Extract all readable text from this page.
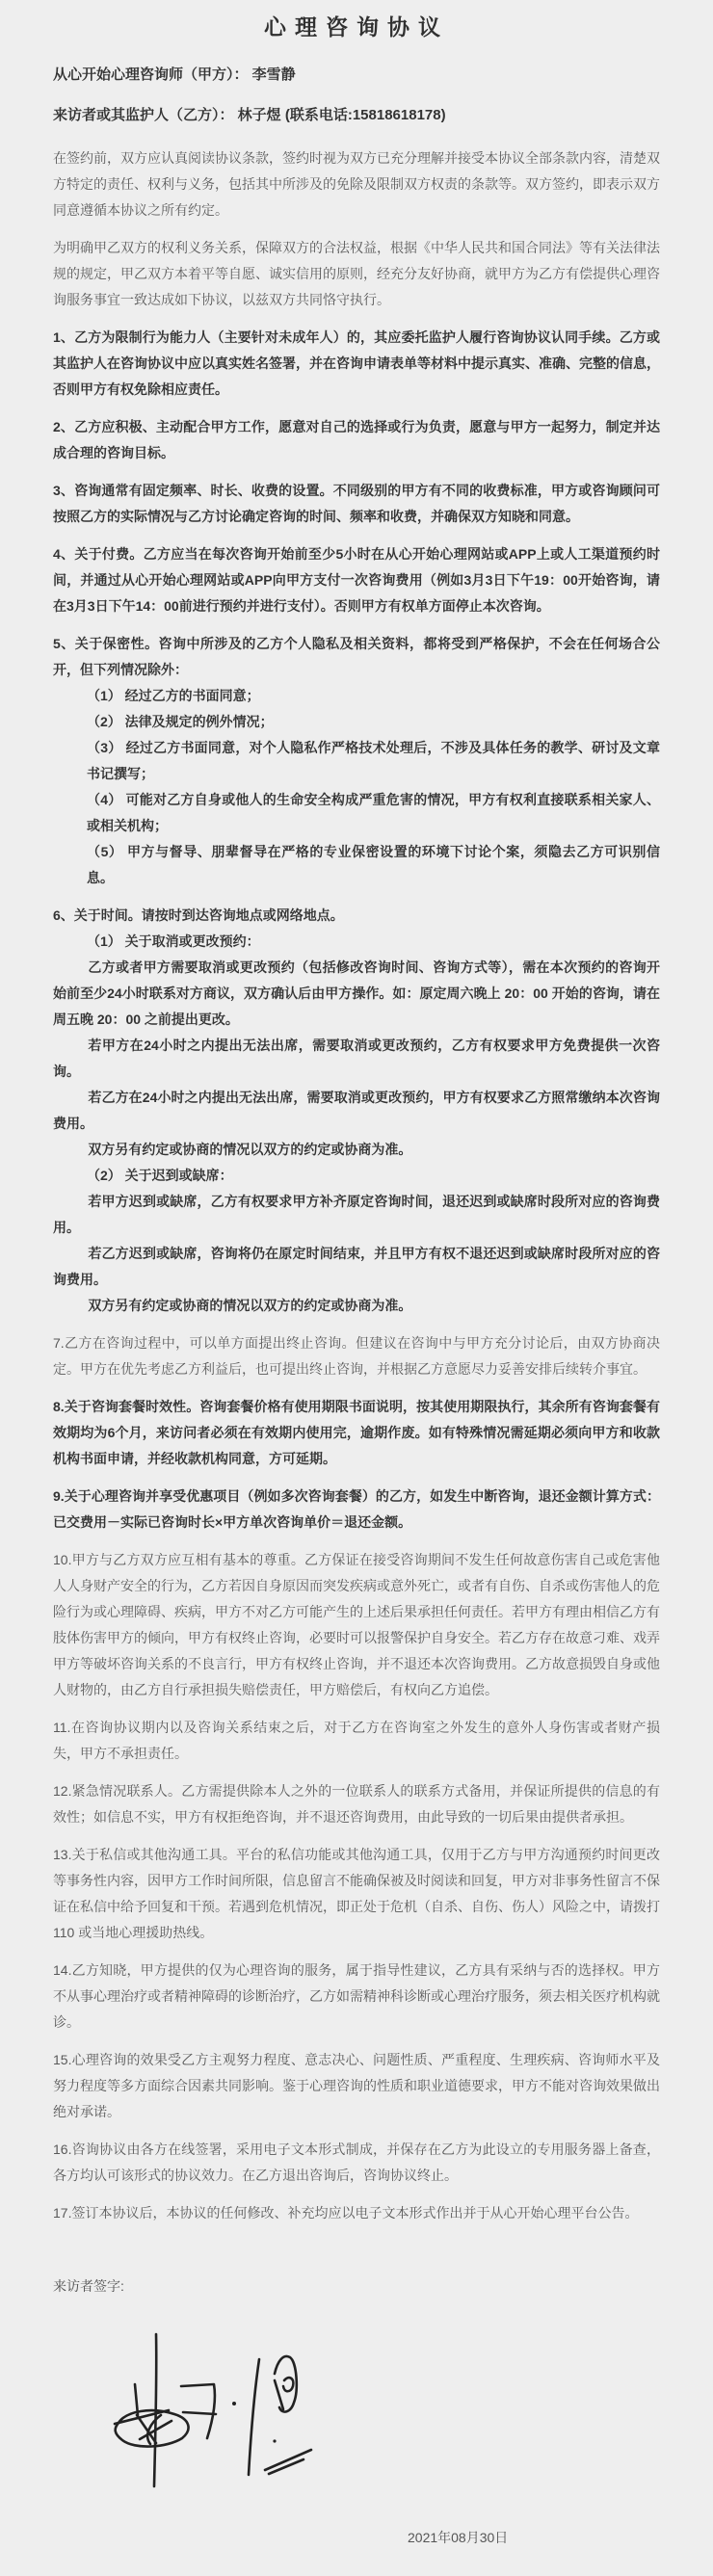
心理咨询协议

从心开始心理咨询师（甲方）： 李雪静

来访者或其监护人（乙方）： 林子煜 (联系电话:15818618178)

在签约前，双方应认真阅读协议条款，签约时视为双方已充分理解并接受本协议全部条款内容，清楚双方特定的责任、权利与义务，包括其中所涉及的免除及限制双方权责的条款等。双方签约，即表示双方同意遵循本协议之所有约定。

为明确甲乙双方的权利义务关系，保障双方的合法权益，根据《中华人民共和国合同法》等有关法律法规的规定，甲乙双方本着平等自愿、诚实信用的原则，经充分友好协商，就甲方为乙方有偿提供心理咨询服务事宜一致达成如下协议，以兹双方共同恪守执行。

1、乙方为限制行为能力人（主要针对未成年人）的，其应委托监护人履行咨询协议认同手续。乙方或其监护人在咨询协议中应以真实姓名签署，并在咨询申请表单等材料中提示真实、准确、完整的信息，否则甲方有权免除相应责任。

2、乙方应积极、主动配合甲方工作，愿意对自己的选择或行为负责，愿意与甲方一起努力，制定并达成合理的咨询目标。

3、咨询通常有固定频率、时长、收费的设置。不同级别的甲方有不同的收费标准，甲方或咨询顾问可按照乙方的实际情况与乙方讨论确定咨询的时间、频率和收费，并确保双方知晓和同意。

4、关于付费。乙方应当在每次咨询开始前至少5小时在从心开始心理网站或APP上或人工渠道预约时间，并通过从心开始心理网站或APP向甲方支付一次咨询费用（例如3月3日下午19：00开始咨询，请在3月3日下午14：00前进行预约并进行支付）。否则甲方有权单方面停止本次咨询。

5、关于保密性。咨询中所涉及的乙方个人隐私及相关资料，都将受到严格保护，不会在任何场合公开，但下列情况除外：

（1） 经过乙方的书面同意；

（2） 法律及规定的例外情况；

（3） 经过乙方书面同意，对个人隐私作严格技术处理后，不涉及具体任务的教学、研讨及文章书记撰写；

（4） 可能对乙方自身或他人的生命安全构成严重危害的情况，甲方有权利直接联系相关家人、或相关机构；

（5） 甲方与督导、朋辈督导在严格的专业保密设置的环境下讨论个案，须隐去乙方可识别信息。

6、关于时间。请按时到达咨询地点或网络地点。

（1） 关于取消或更改预约：

乙方或者甲方需要取消或更改预约（包括修改咨询时间、咨询方式等），需在本次预约的咨询开始前至少24小时联系对方商议，双方确认后由甲方操作。如：原定周六晚上 20：00 开始的咨询，请在周五晚 20：00 之前提出更改。

若甲方在24小时之内提出无法出席，需要取消或更改预约，乙方有权要求甲方免费提供一次咨询。

若乙方在24小时之内提出无法出席，需要取消或更改预约，甲方有权要求乙方照常缴纳本次咨询费用。

双方另有约定或协商的情况以双方的约定或协商为准。

（2） 关于迟到或缺席：

若甲方迟到或缺席，乙方有权要求甲方补齐原定咨询时间，退还迟到或缺席时段所对应的咨询费用。

若乙方迟到或缺席，咨询将仍在原定时间结束，并且甲方有权不退还迟到或缺席时段所对应的咨询费用。

双方另有约定或协商的情况以双方的约定或协商为准。

7.乙方在咨询过程中，可以单方面提出终止咨询。但建议在咨询中与甲方充分讨论后，由双方协商决定。甲方在优先考虑乙方利益后，也可提出终止咨询，并根据乙方意愿尽力妥善安排后续转介事宜。

8.关于咨询套餐时效性。咨询套餐价格有使用期限书面说明，按其使用期限执行，其余所有咨询套餐有效期均为6个月，来访问者必须在有效期内使用完，逾期作废。如有特殊情况需延期必须向甲方和收款机构书面申请，并经收款机构同意，方可延期。

9.关于心理咨询并享受优惠项目（例如多次咨询套餐）的乙方，如发生中断咨询，退还金额计算方式：已交费用－实际已咨询时长×甲方单次咨询单价＝退还金额。

10.甲方与乙方双方应互相有基本的尊重。乙方保证在接受咨询期间不发生任何故意伤害自己或危害他人人身财产安全的行为，乙方若因自身原因而突发疾病或意外死亡，或者有自伤、自杀或伤害他人的危险行为或心理障碍、疾病，甲方不对乙方可能产生的上述后果承担任何责任。若甲方有理由相信乙方有肢体伤害甲方的倾向，甲方有权终止咨询，必要时可以报警保护自身安全。若乙方存在故意刁难、戏弄甲方等破坏咨询关系的不良言行，甲方有权终止咨询，并不退还本次咨询费用。乙方故意损毁自身或他人财物的，由乙方自行承担损失赔偿责任，甲方赔偿后，有权向乙方追偿。

11.在咨询协议期内以及咨询关系结束之后，对于乙方在咨询室之外发生的意外人身伤害或者财产损失，甲方不承担责任。

12.紧急情况联系人。乙方需提供除本人之外的一位联系人的联系方式备用，并保证所提供的信息的有效性；如信息不实，甲方有权拒绝咨询，并不退还咨询费用，由此导致的一切后果由提供者承担。

13.关于私信或其他沟通工具。平台的私信功能或其他沟通工具，仅用于乙方与甲方沟通预约时间更改等事务性内容，因甲方工作时间所限，信息留言不能确保被及时阅读和回复，甲方对非事务性留言不保证在私信中给予回复和干预。若遇到危机情况，即正处于危机（自杀、自伤、伤人）风险之中，请拨打 110 或当地心理援助热线。

14.乙方知晓，甲方提供的仅为心理咨询的服务，属于指导性建议，乙方具有采纳与否的选择权。甲方不从事心理治疗或者精神障碍的诊断治疗，乙方如需精神科诊断或心理治疗服务，须去相关医疗机构就诊。

15.心理咨询的效果受乙方主观努力程度、意志决心、问题性质、严重程度、生理疾病、咨询师水平及努力程度等多方面综合因素共同影响。鉴于心理咨询的性质和职业道德要求，甲方不能对咨询效果做出绝对承诺。

16.咨询协议由各方在线签署，采用电子文本形式制成，并保存在乙方为此设立的专用服务器上备查，各方均认可该形式的协议效力。在乙方退出咨询后，咨询协议终止。

17.签订本协议后，本协议的任何修改、补充均应以电子文本形式作出并于从心开始心理平台公告。

来访者签字:

2021年08月30日
